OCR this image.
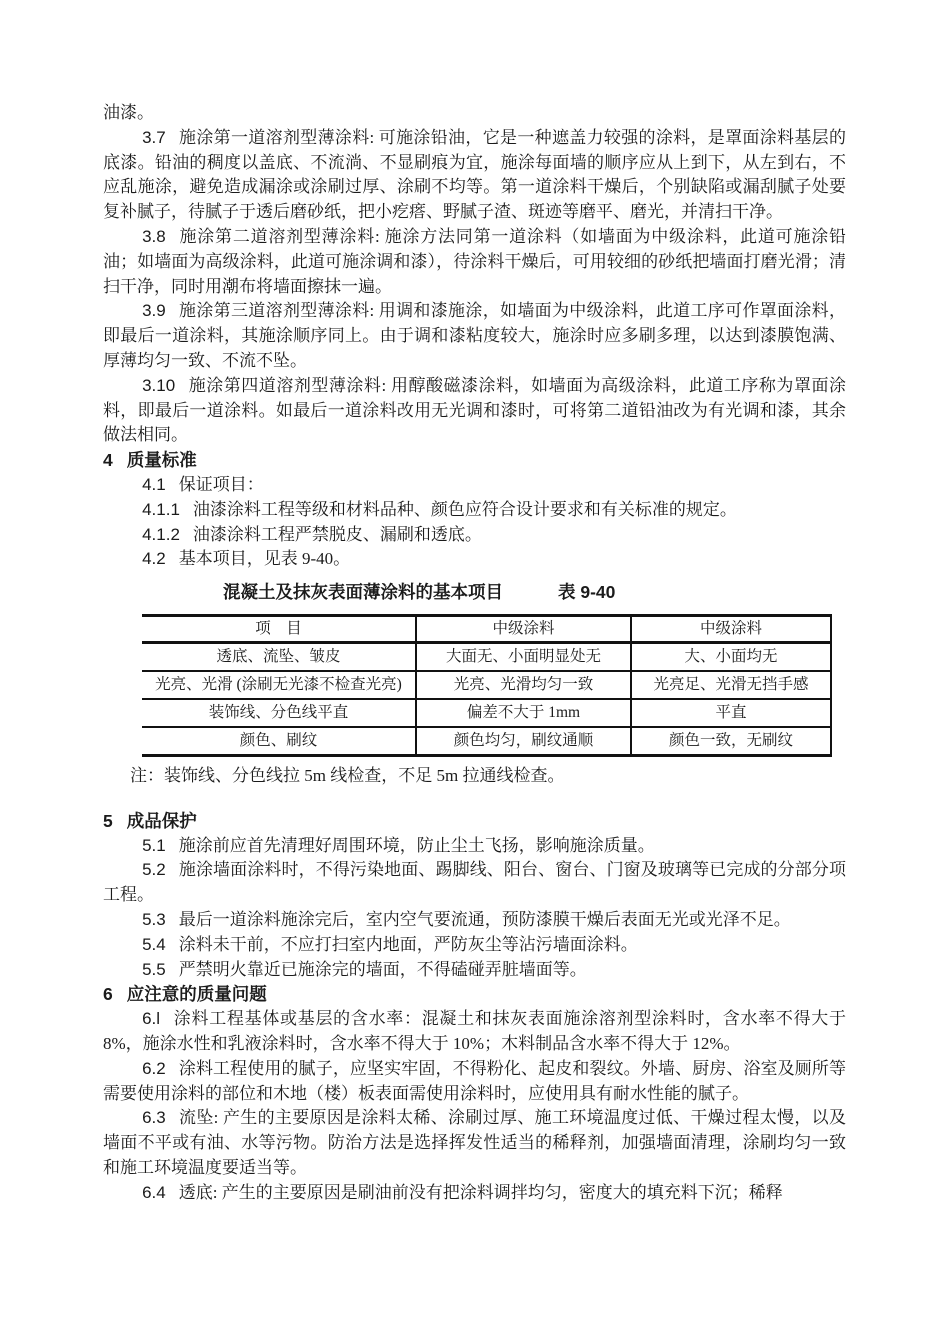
油漆。

3.7 施涂第一道溶剂型薄涂料: 可施涂铅油，它是一种遮盖力较强的涂料，是罩面涂料基层的底漆。铅油的稠度以盖底、不流淌、不显刷痕为宜，施涂每面墙的顺序应从上到下，从左到右，不应乱施涂，避免造成漏涂或涂刷过厚、涂刷不均等。第一道涂料干燥后，个别缺陷或漏刮腻子处要复补腻子，待腻子于透后磨砂纸，把小疙瘩、野腻子渣、斑迹等磨平、磨光，并清扫干净。

3.8 施涂第二道溶剂型薄涂料: 施涂方法同第一道涂料（如墙面为中级涂料，此道可施涂铅油；如墙面为高级涂料，此道可施涂调和漆），待涂料干燥后，可用较细的砂纸把墙面打磨光滑；清扫干净，同时用潮布将墙面擦抹一遍。

3.9 施涂第三道溶剂型薄涂料: 用调和漆施涂，如墙面为中级涂料，此道工序可作罩面涂料，即最后一道涂料，其施涂顺序同上。由于调和漆粘度较大，施涂时应多刷多理，以达到漆膜饱满、厚薄均匀一致、不流不坠。

3.10 施涂第四道溶剂型薄涂料: 用醇酸磁漆涂料，如墙面为高级涂料，此道工序称为罩面涂料，即最后一道涂料。如最后一道涂料改用无光调和漆时，可将第二道铅油改为有光调和漆，其余做法相同。

4 质量标准

4.1 保证项目：

4.1.1 油漆涂料工程等级和材料品种、颜色应符合设计要求和有关标准的规定。

4.1.2 油漆涂料工程严禁脱皮、漏刷和透底。

4.2 基本项目，见表 9-40。

混凝土及抹灰表面薄涂料的基本项目	表 9-40
项　目	中级涂料	中级涂料
透底、流坠、皱皮	大面无、小面明显处无	大、小面均无
光亮、光滑 (涂刷无光漆不检查光亮)	光亮、光滑均匀一致	光亮足、光滑无挡手感
装饰线、分色线平直	偏差不大于 1mm	平直
颜色、刷纹	颜色均匀，刷纹通顺	颜色一致，无刷纹

注：装饰线、分色线拉 5m 线检查，不足 5m 拉通线检查。

5 成品保护

5.1 施涂前应首先清理好周围环境，防止尘土飞扬，影响施涂质量。

5.2 施涂墙面涂料时，不得污染地面、踢脚线、阳台、窗台、门窗及玻璃等已完成的分部分项工程。

5.3 最后一道涂料施涂完后，室内空气要流通，预防漆膜干燥后表面无光或光泽不足。

5.4 涂料未干前，不应打扫室内地面，严防灰尘等沾污墙面涂料。

5.5 严禁明火靠近已施涂完的墙面，不得磕碰弄脏墙面等。

6 应注意的质量问题

6.l 涂料工程基体或基层的含水率：混凝土和抹灰表面施涂溶剂型涂料时，含水率不得大于 8%，施涂水性和乳液涂料时，含水率不得大于 10%；木料制品含水率不得大于 12%。

6.2 涂料工程使用的腻子，应坚实牢固，不得粉化、起皮和裂纹。外墙、厨房、浴室及厕所等需要使用涂料的部位和木地（楼）板表面需使用涂料时，应使用具有耐水性能的腻子。

6.3 流坠: 产生的主要原因是涂料太稀、涂刷过厚、施工环境温度过低、干燥过程太慢，以及墙面不平或有油、水等污物。防治方法是选择挥发性适当的稀释剂，加强墙面清理，涂刷均匀一致和施工环境温度要适当等。

6.4 透底: 产生的主要原因是刷油前没有把涂料调拌均匀，密度大的填充料下沉；稀释
